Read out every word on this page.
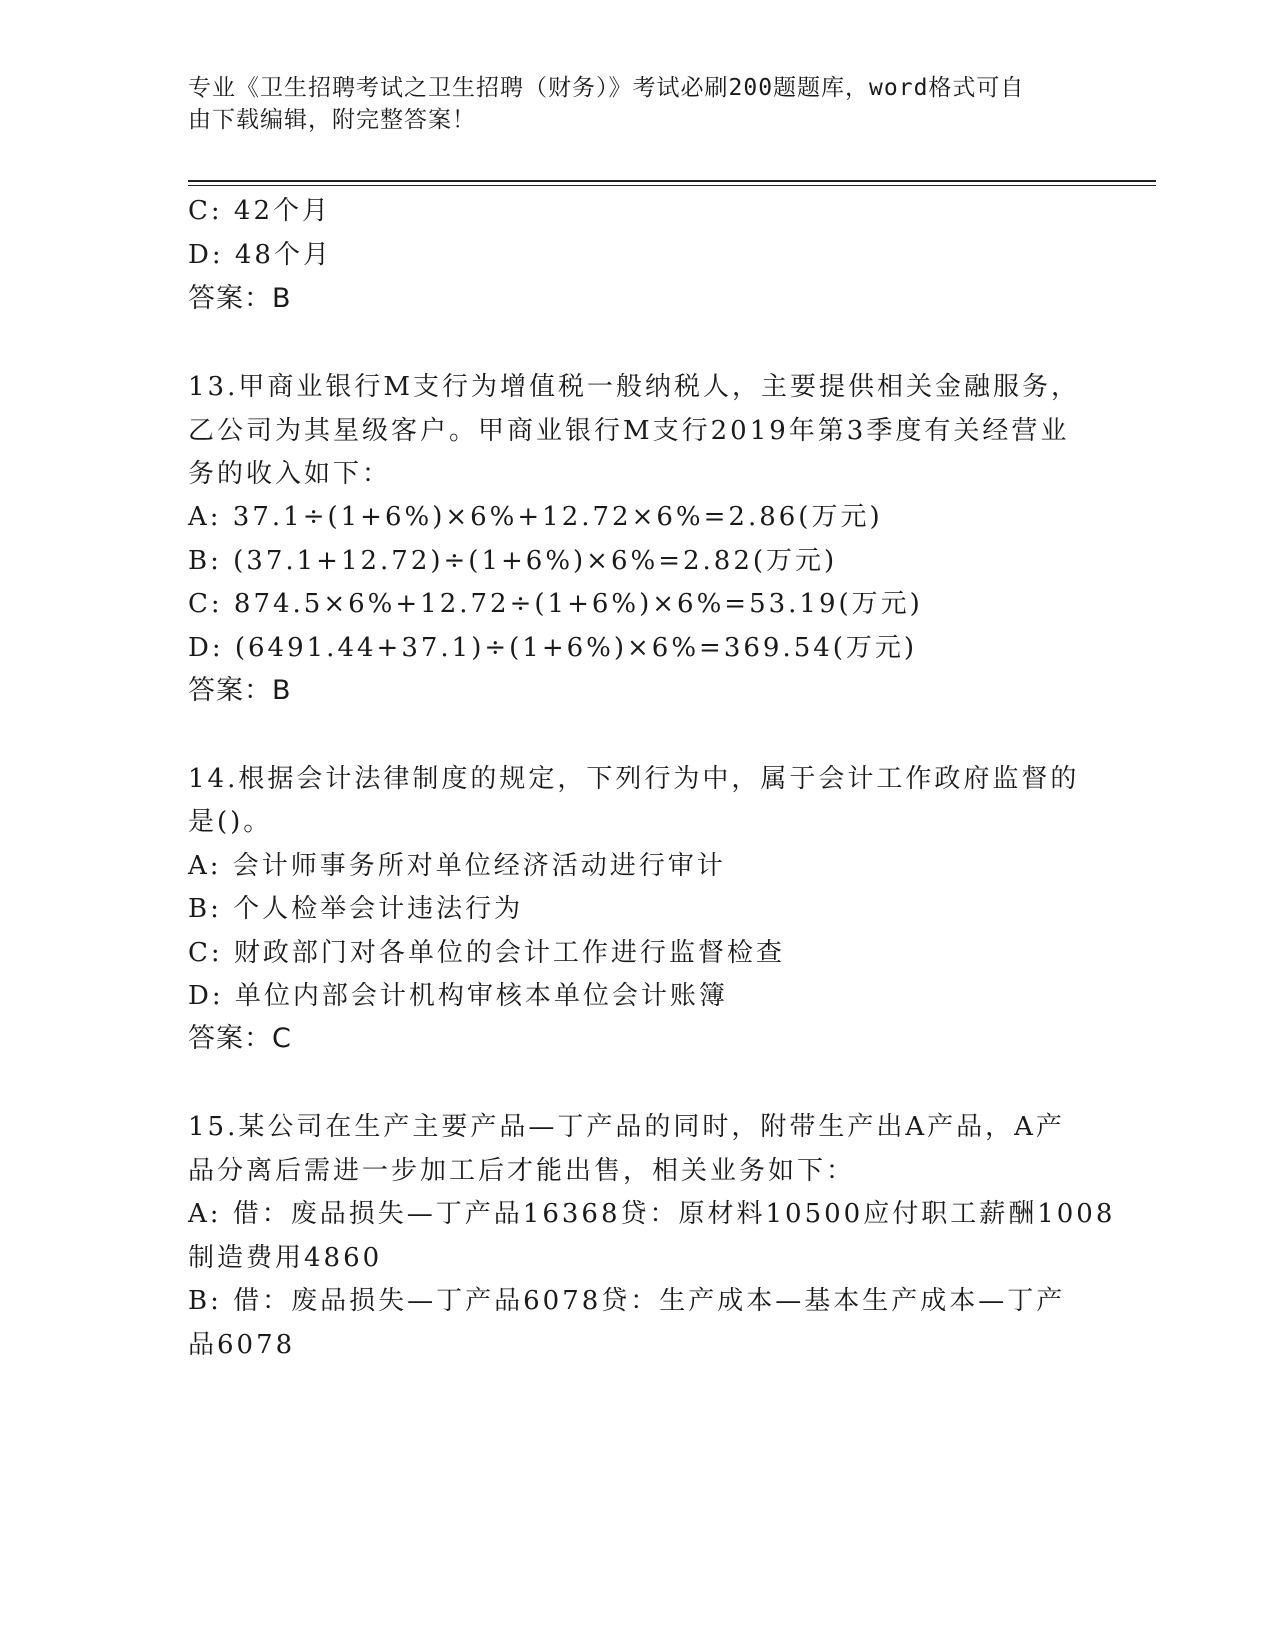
专业《卫生招聘考试之卫生招聘（财务）》考试必刷200题题库，word格式可自
由下载编辑，附完整答案！
C: 42个月
D: 48个月
答案：B
13.甲商业银行M支行为增值税一般纳税人，主要提供相关金融服务，
乙公司为其星级客户。甲商业银行M支行2019年第3季度有关经营业
务的收入如下：
A: 37.1÷(1+6%)×6%+12.72×6%=2.86(万元)
B: (37.1+12.72)÷(1+6%)×6%=2.82(万元)
C: 874.5×6%+12.72÷(1+6%)×6%=53.19(万元)
D: (6491.44+37.1)÷(1+6%)×6%=369.54(万元)
答案：B
14.根据会计法律制度的规定，下列行为中，属于会计工作政府监督的
是()。
A: 会计师事务所对单位经济活动进行审计
B: 个人检举会计违法行为
C: 财政部门对各单位的会计工作进行监督检查
D: 单位内部会计机构审核本单位会计账簿
答案：C
15.某公司在生产主要产品—丁产品的同时，附带生产出A产品，A产
品分离后需进一步加工后才能出售，相关业务如下：
A: 借：废品损失—丁产品16368贷：原材料10500应付职工薪酬1008
制造费用4860
B: 借：废品损失—丁产品6078贷：生产成本—基本生产成本—丁产
品6078
